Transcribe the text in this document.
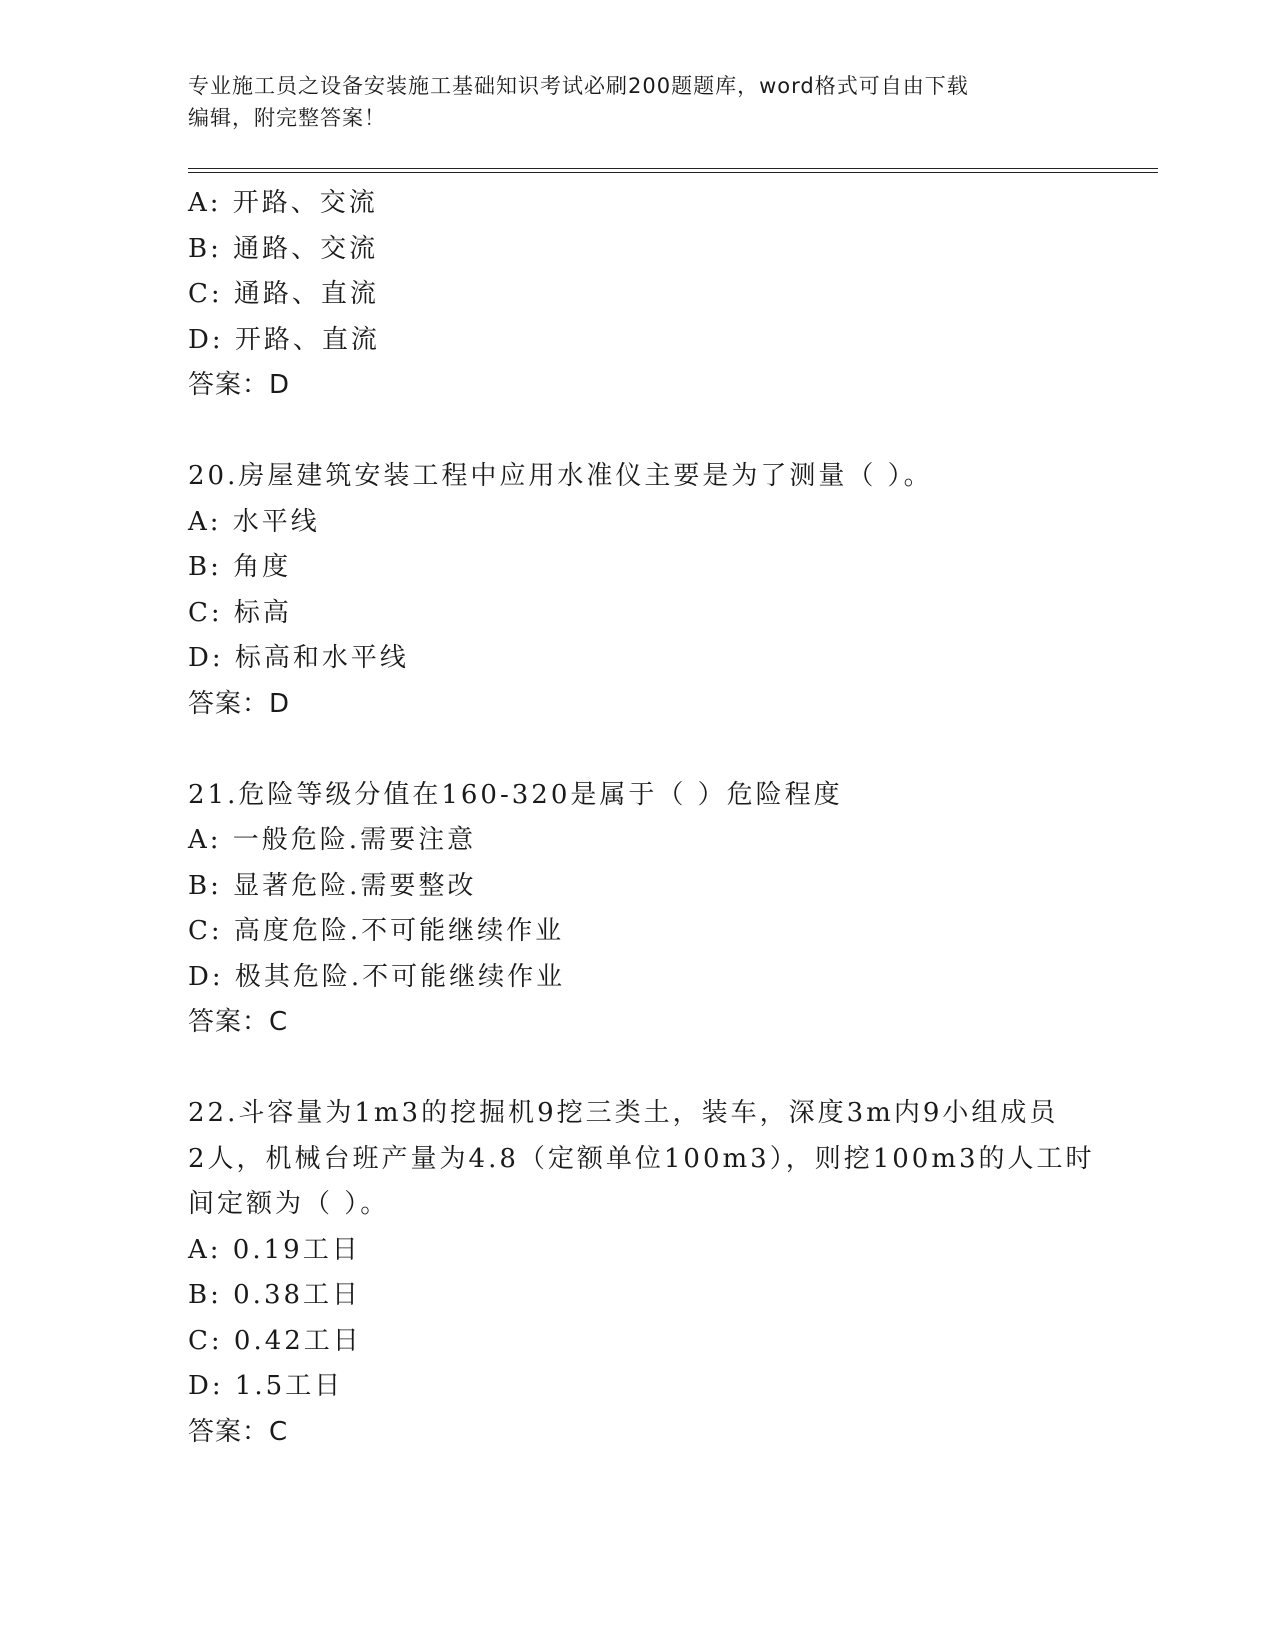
专业施工员之设备安装施工基础知识考试必刷200题题库，word格式可自由下载
编辑，附完整答案！
A: 开路、交流
B: 通路、交流
C: 通路、直流
D: 开路、直流
答案：D
20.房屋建筑安装工程中应用水准仪主要是为了测量（ ）。
A: 水平线
B: 角度
C: 标高
D: 标高和水平线
答案：D
21.危险等级分值在160-320是属于（ ）危险程度
A: 一般危险.需要注意
B: 显著危险.需要整改
C: 高度危险.不可能继续作业
D: 极其危险.不可能继续作业
答案：C
22.斗容量为1m3的挖掘机9挖三类土，装车，深度3m内9小组成员
2人，机械台班产量为4.8（定额单位100m3），则挖100m3的人工时
间定额为（ ）。
A: 0.19工日
B: 0.38工日
C: 0.42工日
D: 1.5工日
答案：C
